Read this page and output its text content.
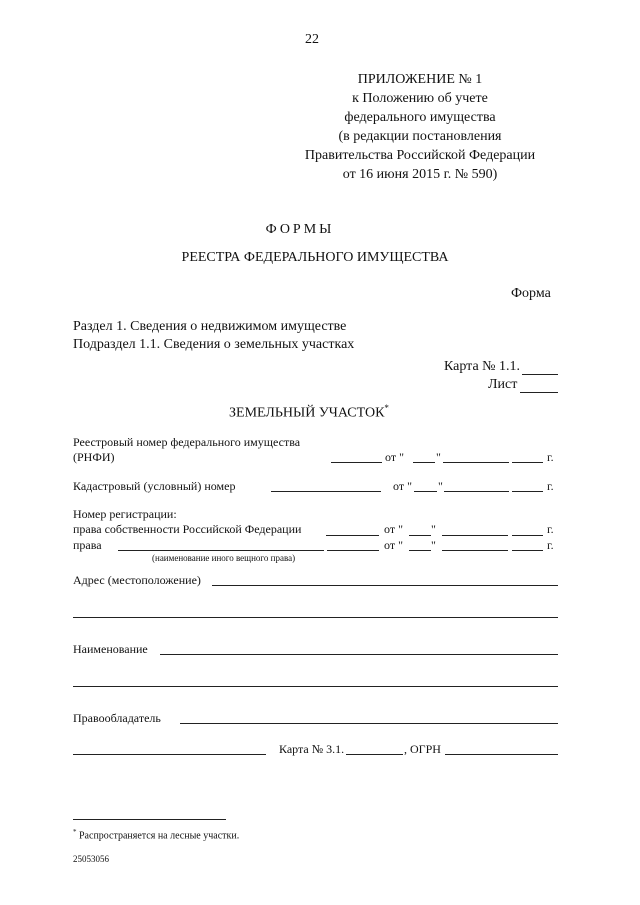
22
ПРИЛОЖЕНИЕ № 1
к Положению об учете
федерального имущества
(в редакции постановления
Правительства Российской Федерации
от 16 июня 2015 г. № 590)
ФОРМЫ
РЕЕСТРА ФЕДЕРАЛЬНОГО ИМУЩЕСТВА
Форма
Раздел 1. Сведения о недвижимом имуществе
Подраздел 1.1. Сведения о земельных участках
Карта № 1.1.
Лист
ЗЕМЕЛЬНЫЙ УЧАСТОК*
Реестровый номер федерального имущества
(РНФИ)	от "	"	г.
Кадастровый (условный) номер	от " "	г.
Номер регистрации:
права собственности Российской Федерации	от " "	г.
права	от " "	г.
(наименование иного вещного права)
Адрес (местоположение)
Наименование
Правообладатель
Карта № 3.1.	, ОГРН
* Распространяется на лесные участки.
25053056
